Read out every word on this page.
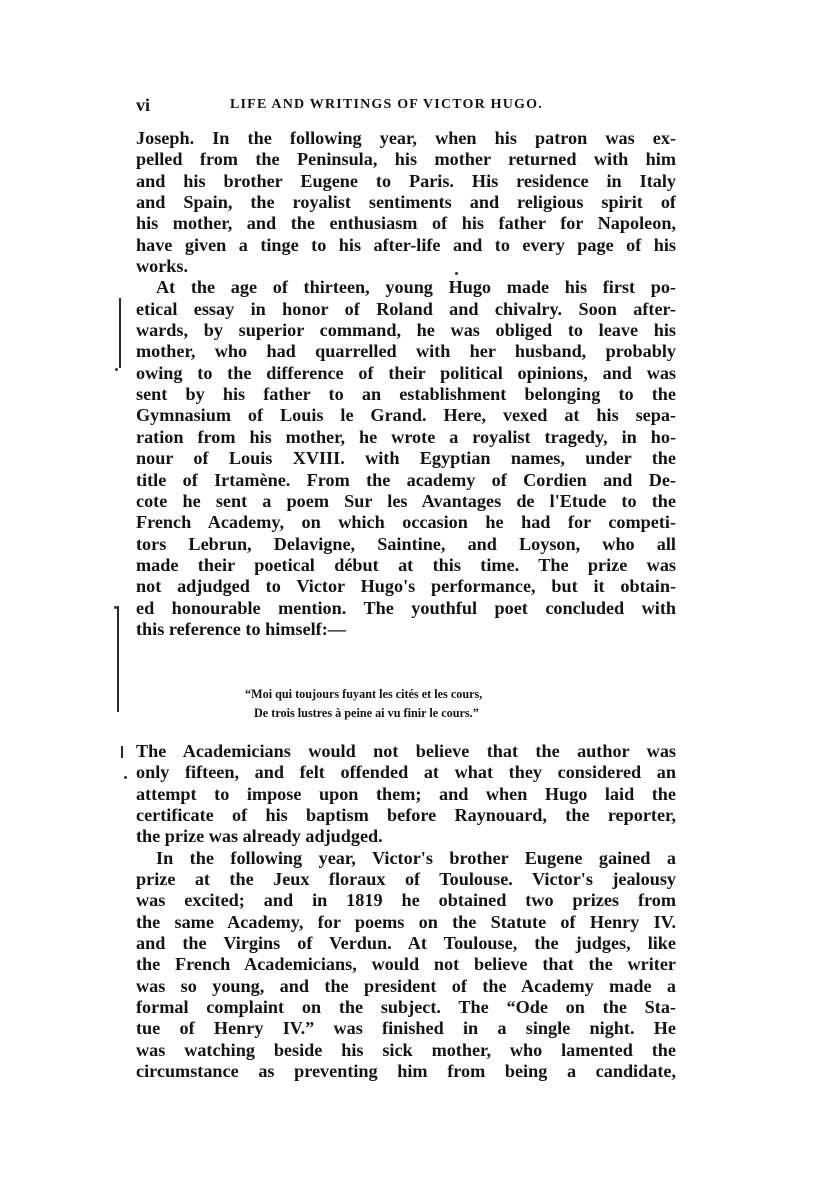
vi	LIFE AND WRITINGS OF VICTOR HUGO.
Joseph. In the following year, when his patron was ex-
pelled from the Peninsula, his mother returned with him
and his brother Eugene to Paris. His residence in Italy
and Spain, the royalist sentiments and religious spirit of
his mother, and the enthusiasm of his father for Napoleon,
have given a tinge to his after-life and to every page of his
works.
At the age of thirteen, young Hugo made his first po-
etical essay in honor of Roland and chivalry. Soon after-
wards, by superior command, he was obliged to leave his
mother, who had quarrelled with her husband, probably
owing to the difference of their political opinions, and was
sent by his father to an establishment belonging to the
Gymnasium of Louis le Grand. Here, vexed at his sepa-
ration from his mother, he wrote a royalist tragedy, in ho-
nour of Louis XVIII. with Egyptian names, under the
title of Irtamène. From the academy of Cordien and De-
cote he sent a poem Sur les Avantages de l'Etude to the
French Academy, on which occasion he had for competi-
tors Lebrun, Delavigne, Saintine, and Loyson, who all
made their poetical début at this time. The prize was
not adjudged to Victor Hugo's performance, but it obtain-
ed honourable mention. The youthful poet concluded with
this reference to himself:—
“Moi qui toujours fuyant les cités et les cours,
De trois lustres à peine ai vu finir le cours.”
The Academicians would not believe that the author was
only fifteen, and felt offended at what they considered an
attempt to impose upon them; and when Hugo laid the
certificate of his baptism before Raynouard, the reporter,
the prize was already adjudged.
In the following year, Victor's brother Eugene gained a
prize at the Jeux floraux of Toulouse. Victor's jealousy
was excited; and in 1819 he obtained two prizes from
the same Academy, for poems on the Statute of Henry IV.
and the Virgins of Verdun. At Toulouse, the judges, like
the French Academicians, would not believe that the writer
was so young, and the president of the Academy made a
formal complaint on the subject. The “Ode on the Sta-
tue of Henry IV.” was finished in a single night. He
was watching beside his sick mother, who lamented the
circumstance as preventing him from being a candidate,
